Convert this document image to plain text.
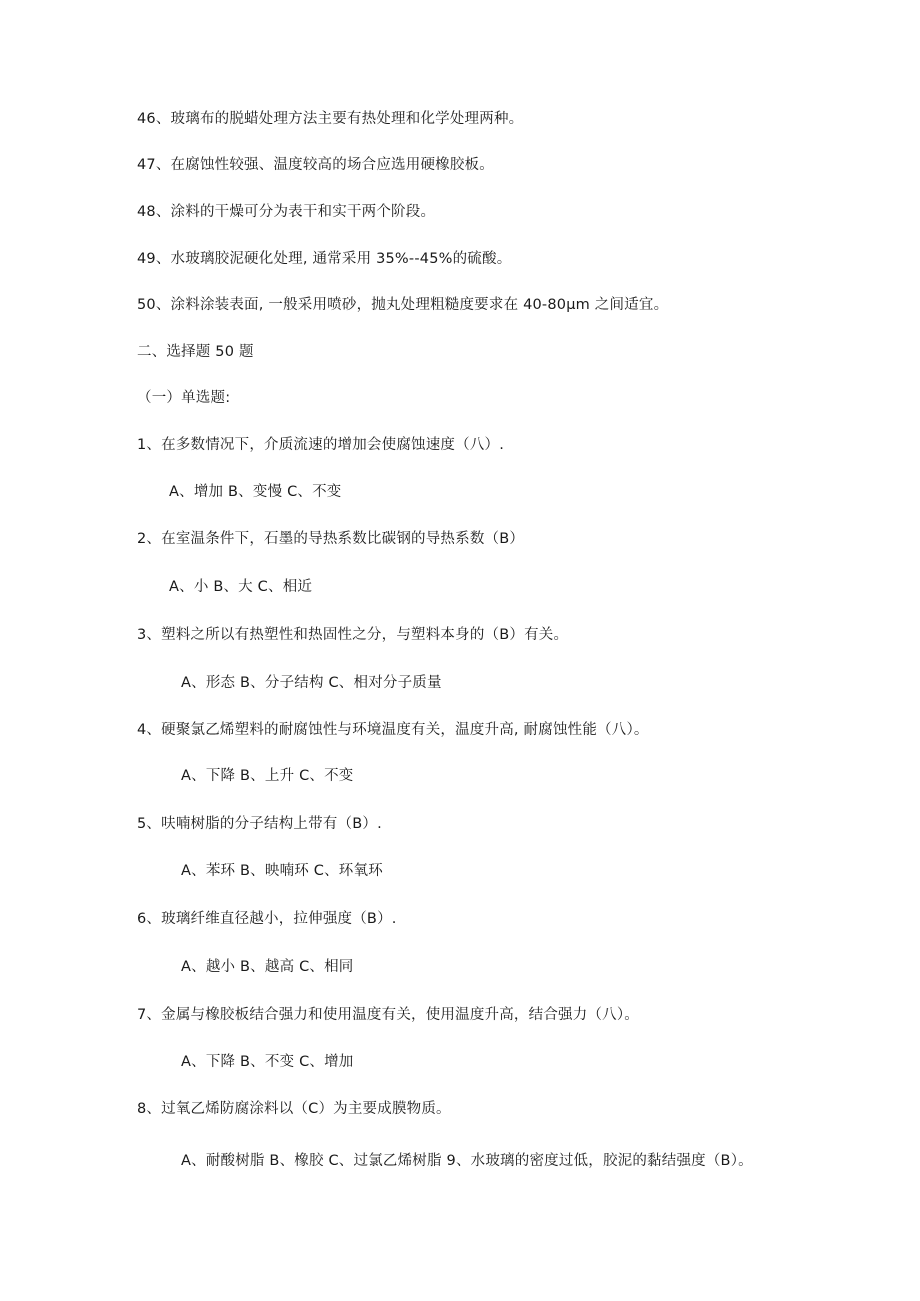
46、玻璃布的脱蜡处理方法主要有热处理和化学处理两种。
47、在腐蚀性较强、温度较高的场合应选用硬橡胶板。
48、涂料的干燥可分为表干和实干两个阶段。
49、水玻璃胶泥硬化处理, 通常采用 35%--45%的硫酸。
50、涂料涂装表面, 一般采用喷砂，抛丸处理粗糙度要求在 40-80μm 之间适宜。
二、选择题 50 题
（一）单选题:
1、在多数情况下，介质流速的增加会使腐蚀速度（八）.
A、增加 B、变慢 C、不变
2、在室温条件下，石墨的导热系数比碳钢的导热系数（B）
A、小 B、大 C、相近
3、塑料之所以有热塑性和热固性之分，与塑料本身的（B）有关。
A、形态 B、分子结构 C、相对分子质量
4、硬聚氯乙烯塑料的耐腐蚀性与环境温度有关，温度升高, 耐腐蚀性能（八）。
A、下降 B、上升 C、不变
5、呋喃树脂的分子结构上带有（B）.
A、苯环 B、映喃环 C、环氧环
6、玻璃纤维直径越小，拉伸强度（B）.
A、越小 B、越高 C、相同
7、金属与橡胶板结合强力和使用温度有关，使用温度升高，结合强力（八）。
A、下降 B、不变 C、增加
8、过氧乙烯防腐涂料以（C）为主要成膜物质。
A、耐酸树脂 B、橡胶 C、过氯乙烯树脂 9、水玻璃的密度过低，胶泥的黏结强度（B）。
